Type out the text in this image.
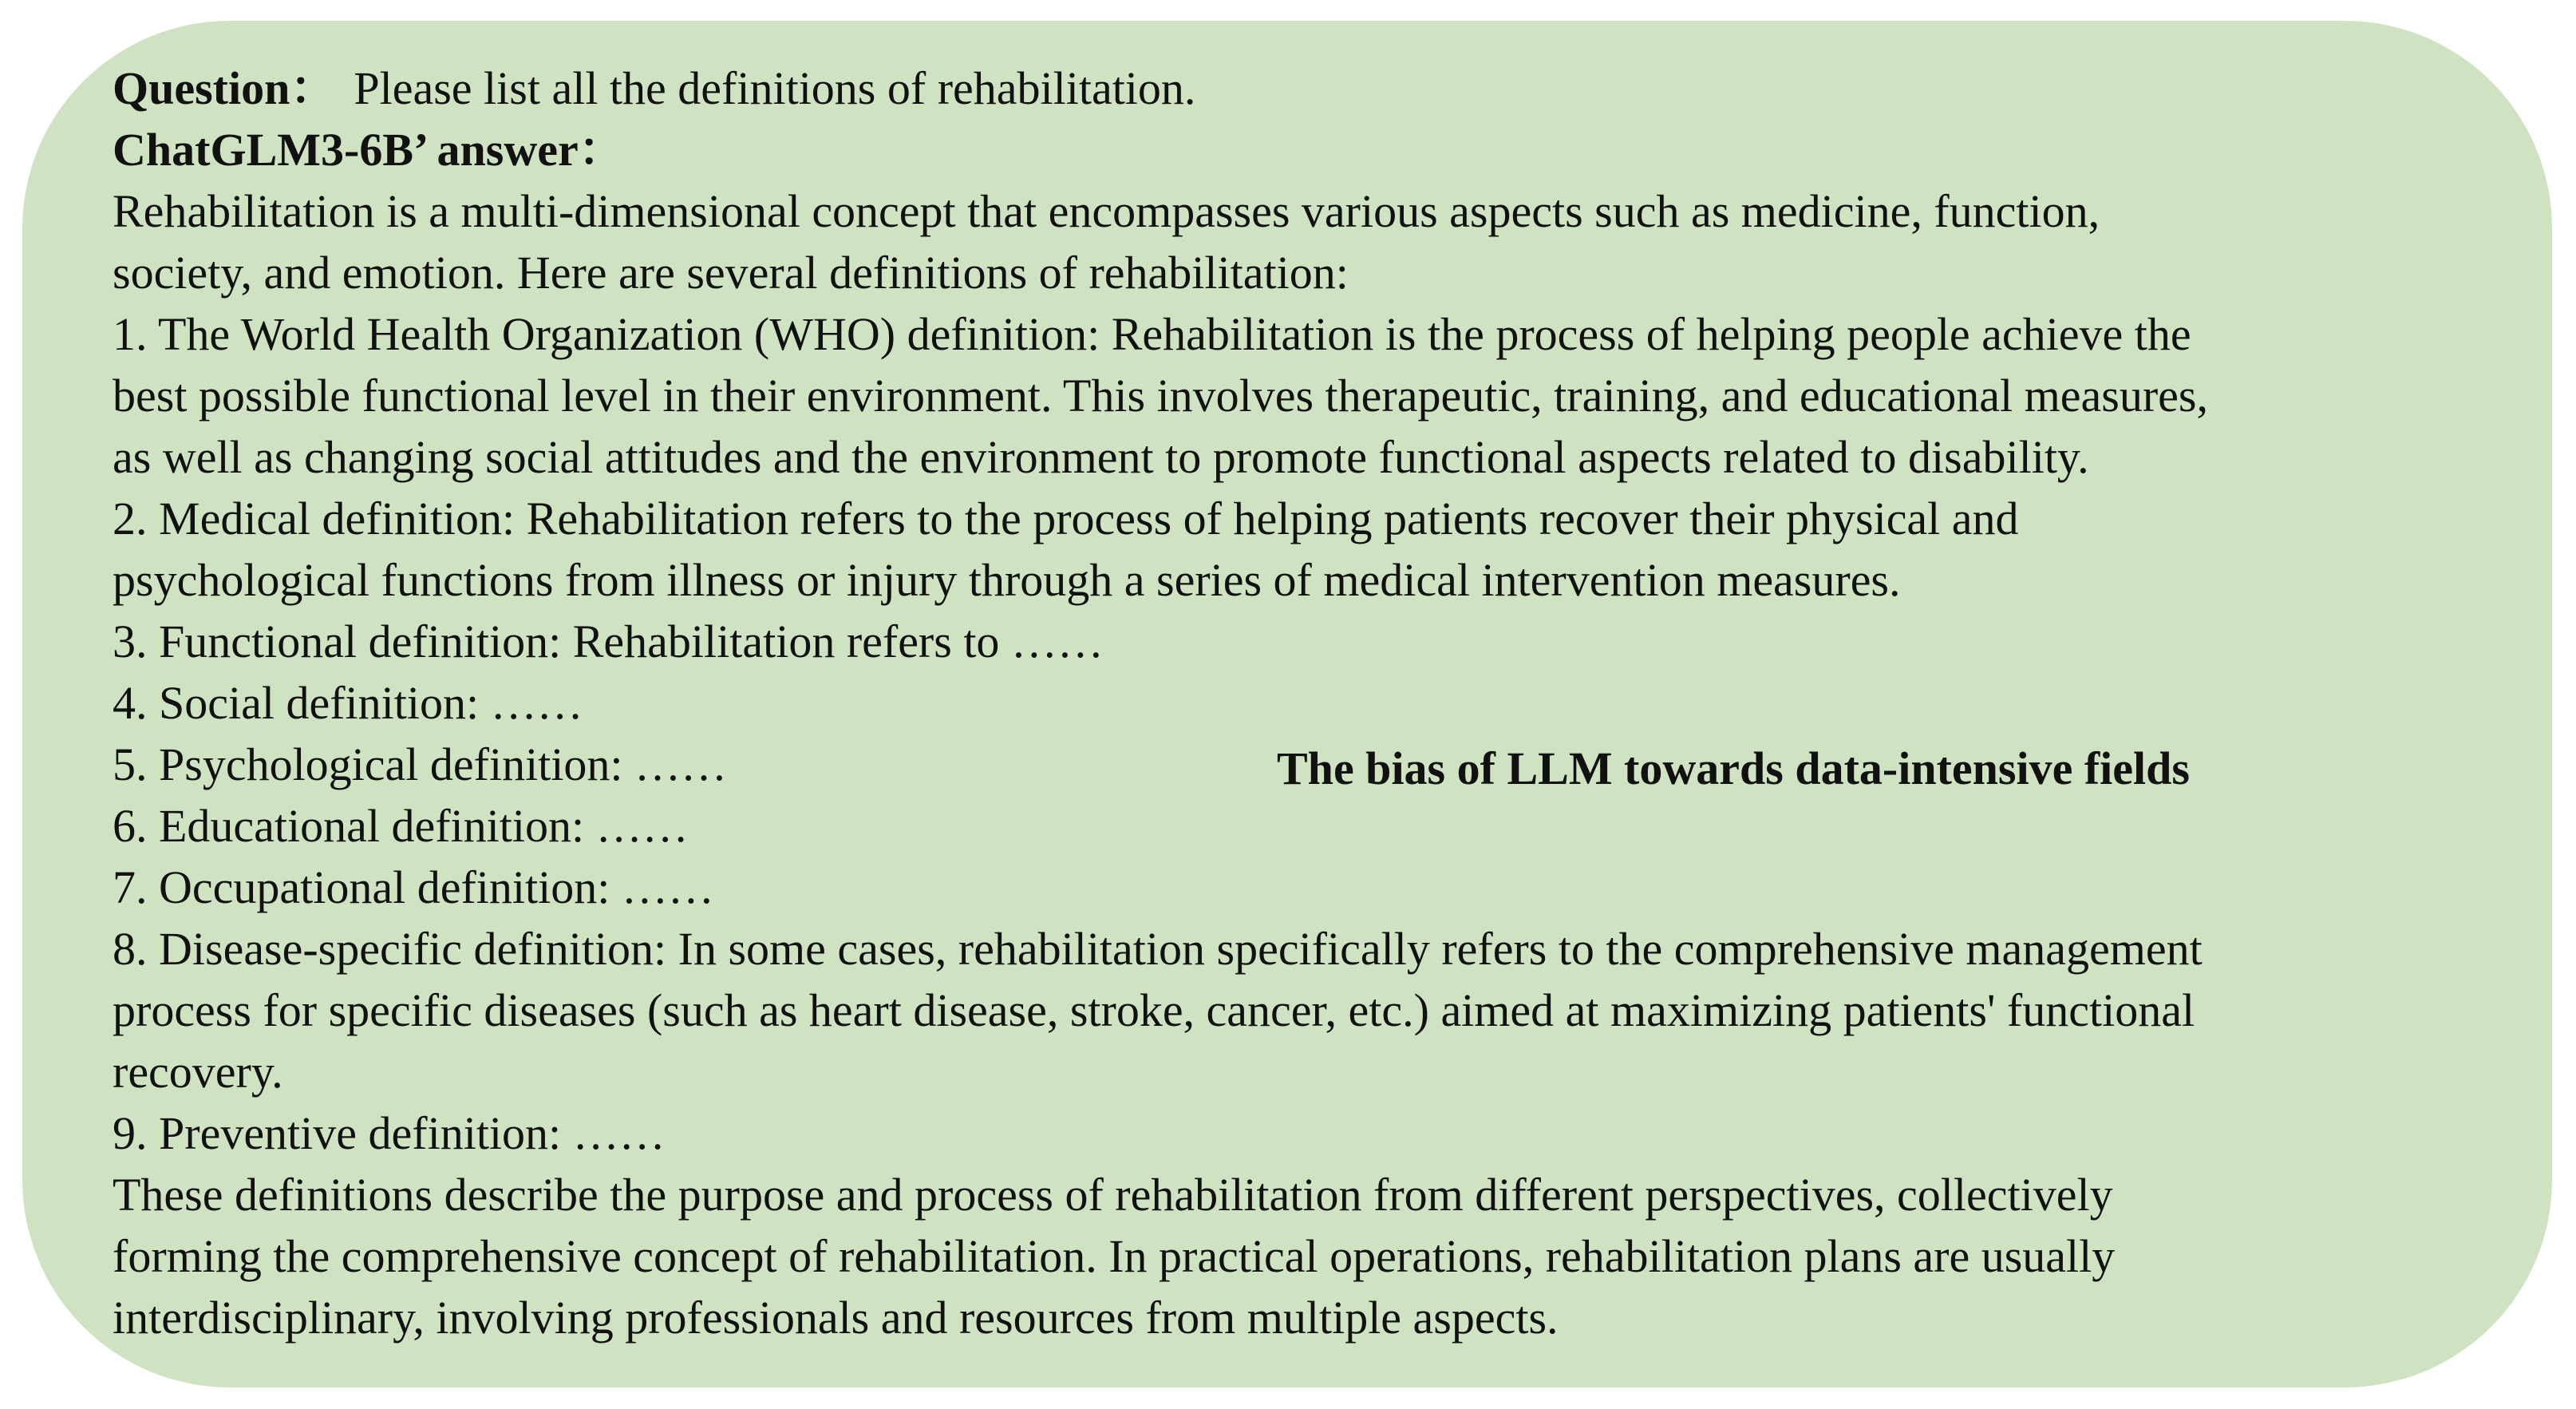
Question： Please list all the definitions of rehabilitation.
ChatGLM3-6B’ answer：
Rehabilitation is a multi-dimensional concept that encompasses various aspects such as medicine, function,
society, and emotion. Here are several definitions of rehabilitation:
1. The World Health Organization (WHO) definition: Rehabilitation is the process of helping people achieve the
best possible functional level in their environment. This involves therapeutic, training, and educational measures,
as well as changing social attitudes and the environment to promote functional aspects related to disability.
2. Medical definition: Rehabilitation refers to the process of helping patients recover their physical and
psychological functions from illness or injury through a series of medical intervention measures.
3. Functional definition: Rehabilitation refers to ……
4. Social definition: ……
5. Psychological definition: ……
6. Educational definition: ……
7. Occupational definition: ……
8. Disease-specific definition: In some cases, rehabilitation specifically refers to the comprehensive management
process for specific diseases (such as heart disease, stroke, cancer, etc.) aimed at maximizing patients' functional
recovery.
9. Preventive definition: ……
These definitions describe the purpose and process of rehabilitation from different perspectives, collectively
forming the comprehensive concept of rehabilitation. In practical operations, rehabilitation plans are usually
interdisciplinary, involving professionals and resources from multiple aspects.
The bias of LLM towards data-intensive fields
